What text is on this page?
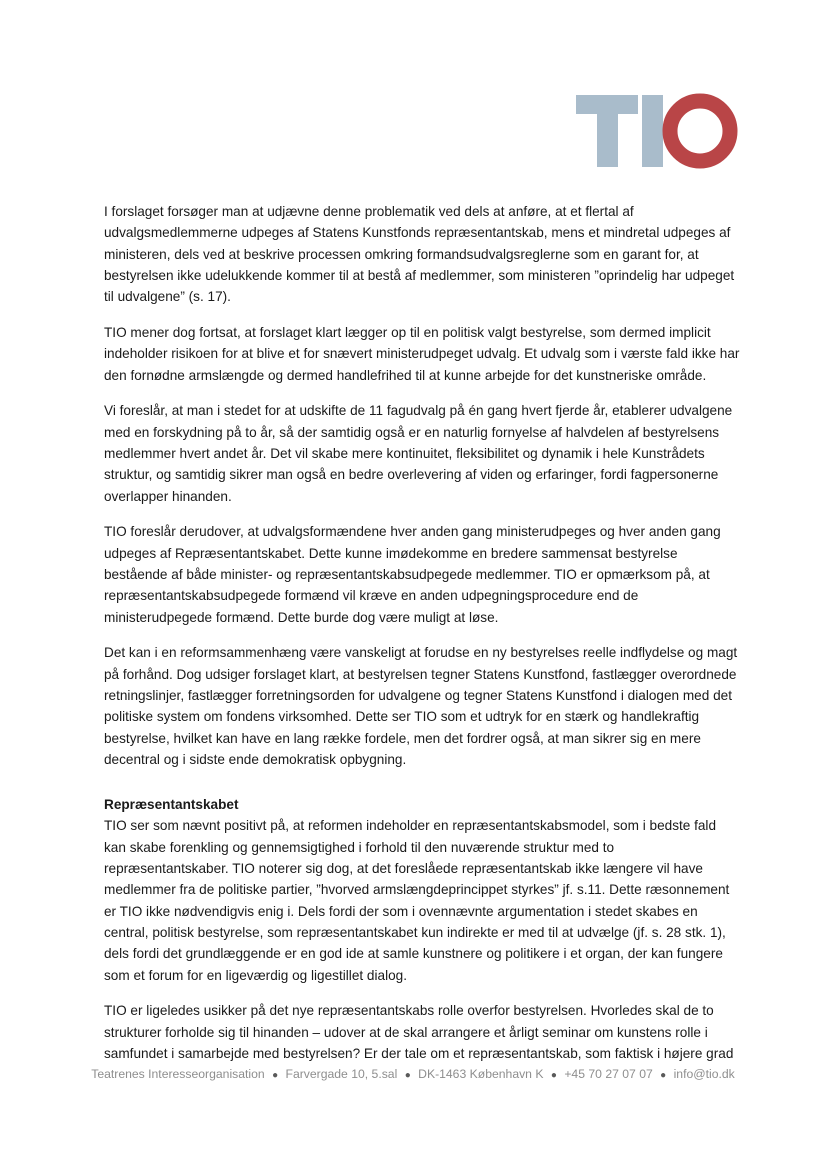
I forslaget forsøger man at udjævne denne problematik ved dels at anføre, at et flertal af udvalgsmedlemmerne udpeges af Statens Kunstfonds repræsentantskab, mens et mindretal udpeges af ministeren, dels ved at beskrive processen omkring formandsudvalgsreglerne som en garant for, at bestyrelsen ikke udelukkende kommer til at bestå af medlemmer, som ministeren ”oprindelig har udpeget til udvalgene” (s. 17).

TIO mener dog fortsat, at forslaget klart lægger op til en politisk valgt bestyrelse, som dermed implicit indeholder risikoen for at blive et for snævert ministerudpeget udvalg. Et udvalg som i værste fald ikke har den fornødne armslængde og dermed handlefrihed til at kunne arbejde for det kunstneriske område.

Vi foreslår, at man i stedet for at udskifte de 11 fagudvalg på én gang hvert fjerde år, etablerer udvalgene med en forskydning på to år, så der samtidig også er en naturlig fornyelse af halvdelen af bestyrelsens medlemmer hvert andet år. Det vil skabe mere kontinuitet, fleksibilitet og dynamik i hele Kunstrådets struktur, og samtidig sikrer man også en bedre overlevering af viden og erfaringer, fordi fagpersonerne overlapper hinanden.

TIO foreslår derudover, at udvalgsformændene hver anden gang ministerudpeges og hver anden gang udpeges af Repræsentantskabet. Dette kunne imødekomme en bredere sammensat bestyrelse bestående af både minister- og repræsentantskabsudpegede medlemmer. TIO er opmærksom på, at repræsentantskabsudpegede formænd vil kræve en anden udpegningsprocedure end de ministerudpegede formænd. Dette burde dog være muligt at løse.

Det kan i en reformsammenhæng være vanskeligt at forudse en ny bestyrelses reelle indflydelse og magt på forhånd. Dog udsiger forslaget klart, at bestyrelsen tegner Statens Kunstfond, fastlægger overordnede retningslinjer, fastlægger forretningsorden for udvalgene og tegner Statens Kunstfond i dialogen med det politiske system om fondens virksomhed. Dette ser TIO som et udtryk for en stærk og handlekraftig bestyrelse, hvilket kan have en lang række fordele, men det fordrer også, at man sikrer sig en mere decentral og i sidste ende demokratisk opbygning.

Repræsentantskabet

TIO ser som nævnt positivt på, at reformen indeholder en repræsentantskabsmodel, som i bedste fald kan skabe forenkling og gennemsigtighed i forhold til den nuværende struktur med to repræsentantskaber. TIO noterer sig dog, at det foreslåede repræsentantskab ikke længere vil have medlemmer fra de politiske partier, ”hvorved armslængdeprincippet styrkes” jf. s.11. Dette ræsonnement er TIO ikke nødvendigvis enig i. Dels fordi der som i ovennævnte argumentation i stedet skabes en central, politisk bestyrelse, som repræsentantskabet kun indirekte er med til at udvælge (jf. s. 28 stk. 1), dels fordi det grundlæggende er en god ide at samle kunstnere og politikere i et organ, der kan fungere som et forum for en ligeværdig og ligestillet dialog.

TIO er ligeledes usikker på det nye repræsentantskabs rolle overfor bestyrelsen. Hvorledes skal de to strukturer forholde sig til hinanden – udover at de skal arrangere et årligt seminar om kunstens rolle i samfundet i samarbejde med bestyrelsen? Er der tale om et repræsentantskab, som faktisk i højere grad

Teatrenes Interesseorganisation ● Farvergade 10, 5.sal ● DK-1463 København K ● +45 70 27 07 07 ● info@tio.dk
